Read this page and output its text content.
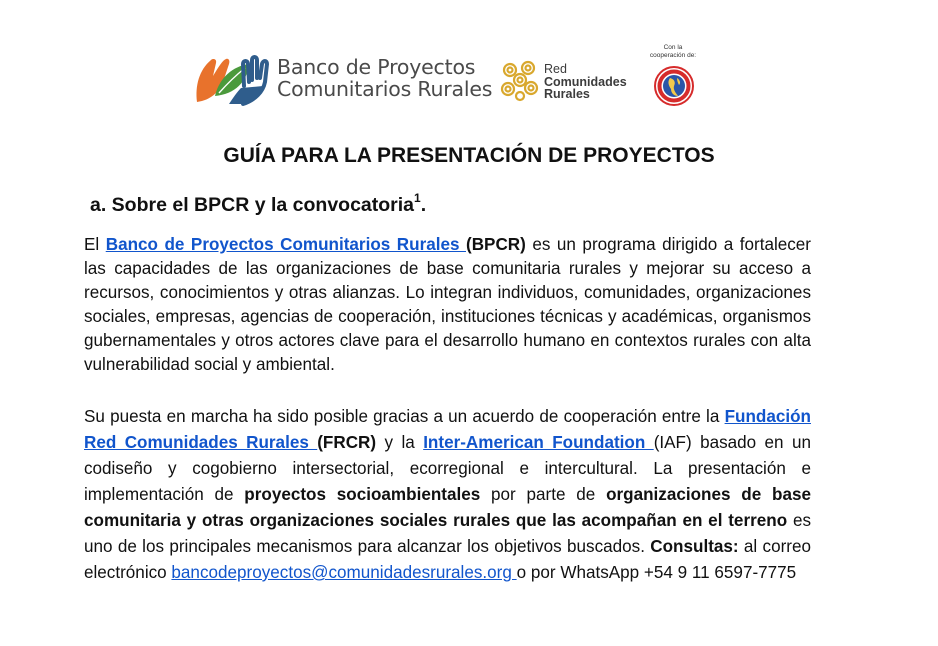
Banco de Proyectos
Comunitarios Rurales
Red
Comunidades
Rurales
Con la
cooperación de:
GUÍA PARA LA PRESENTACIÓN DE PROYECTOS
a. Sobre el BPCR y la convocatoria$^1$.

El Banco de Proyectos Comunitarios Rurales (BPCR) es un programa dirigido a fortalecer las capacidades de las organizaciones de base comunitaria rurales y mejorar su acceso a recursos, conocimientos y otras alianzas. Lo integran individuos, comunidades, organizaciones sociales, empresas, agencias de cooperación, instituciones técnicas y académicas, organismos gubernamentales y otros actores clave para el desarrollo humano en contextos rurales con alta vulnerabilidad social y ambiental.

Su puesta en marcha ha sido posible gracias a un acuerdo de cooperación entre la Fundación Red Comunidades Rurales (FRCR) y la Inter-American Foundation (IAF) basado en un codiseño y cogobierno intersectorial, ecorregional e intercultural. La presentación e implementación de proyectos socioambientales por parte de organizaciones de base comunitaria y otras organizaciones sociales rurales que las acompañan en el terreno es uno de los principales mecanismos para alcanzar los objetivos buscados. Consultas: al correo electrónico bancodeproyectos@comunidadesrurales.org o por WhatsApp +54 9 11 6597-7775
